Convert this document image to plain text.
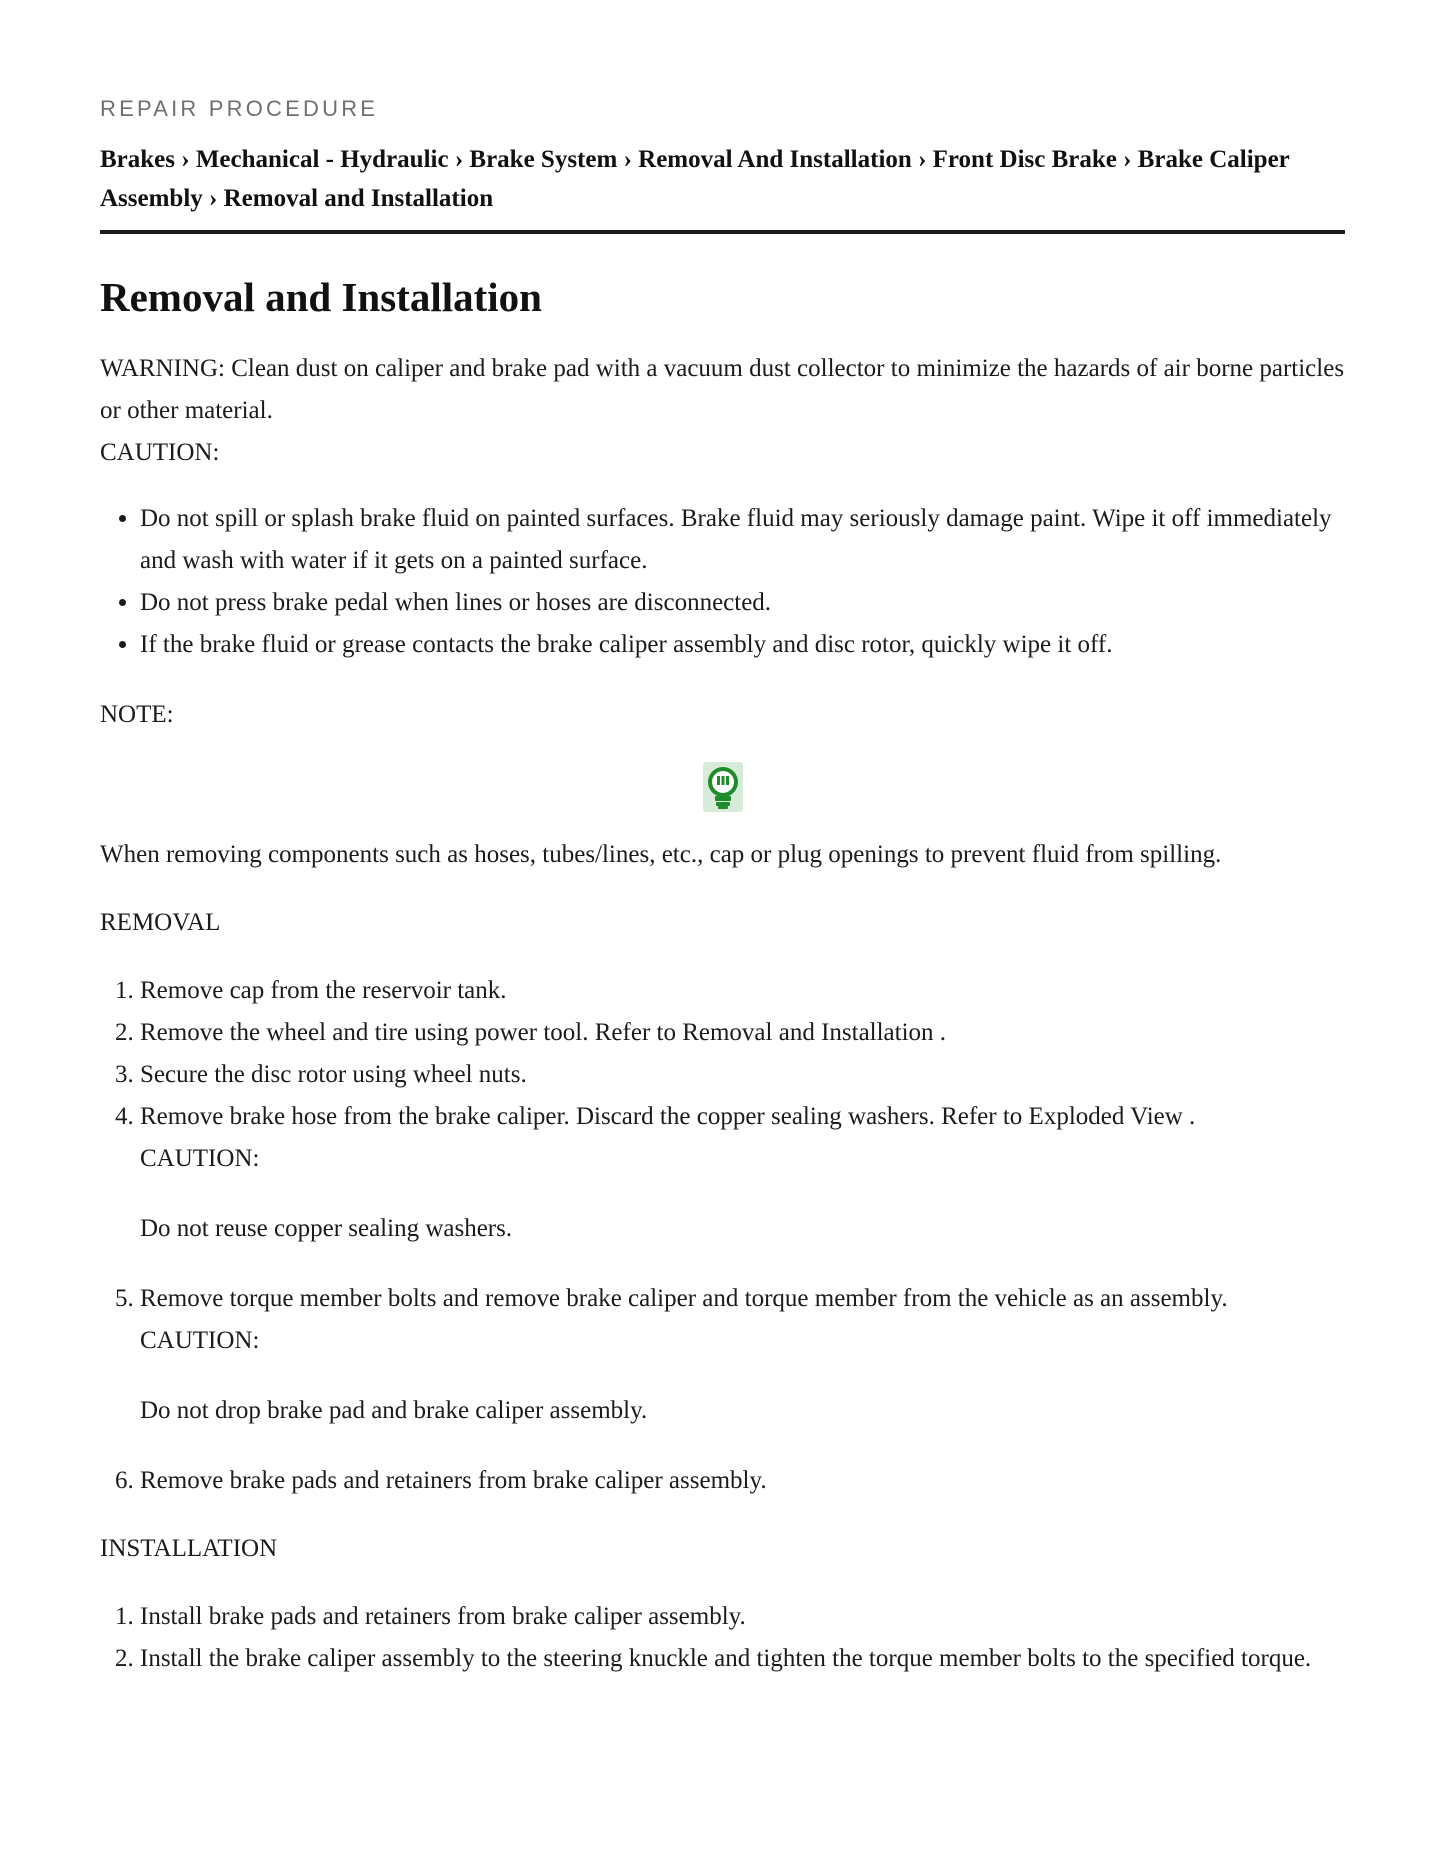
REPAIR PROCEDURE
Brakes › Mechanical - Hydraulic › Brake System › Removal And Installation › Front Disc Brake › Brake Caliper Assembly › Removal and Installation
Removal and Installation

WARNING: Clean dust on caliper and brake pad with a vacuum dust collector to minimize the hazards of air borne particles or other material.

CAUTION:

• Do not spill or splash brake fluid on painted surfaces. Brake fluid may seriously damage paint. Wipe it off immediately and wash with water if it gets on a painted surface.
• Do not press brake pedal when lines or hoses are disconnected.
• If the brake fluid or grease contacts the brake caliper assembly and disc rotor, quickly wipe it off.

NOTE:

When removing components such as hoses, tubes/lines, etc., cap or plug openings to prevent fluid from spilling.

REMOVAL

1. Remove cap from the reservoir tank.
2. Remove the wheel and tire using power tool. Refer to Removal and Installation .
3. Secure the disc rotor using wheel nuts.
4. Remove brake hose from the brake caliper. Discard the copper sealing washers. Refer to Exploded View .
CAUTION:
Do not reuse copper sealing washers.
5. Remove torque member bolts and remove brake caliper and torque member from the vehicle as an assembly.
CAUTION:
Do not drop brake pad and brake caliper assembly.
6. Remove brake pads and retainers from brake caliper assembly.

INSTALLATION

1. Install brake pads and retainers from brake caliper assembly.
2. Install the brake caliper assembly to the steering knuckle and tighten the torque member bolts to the specified torque.
